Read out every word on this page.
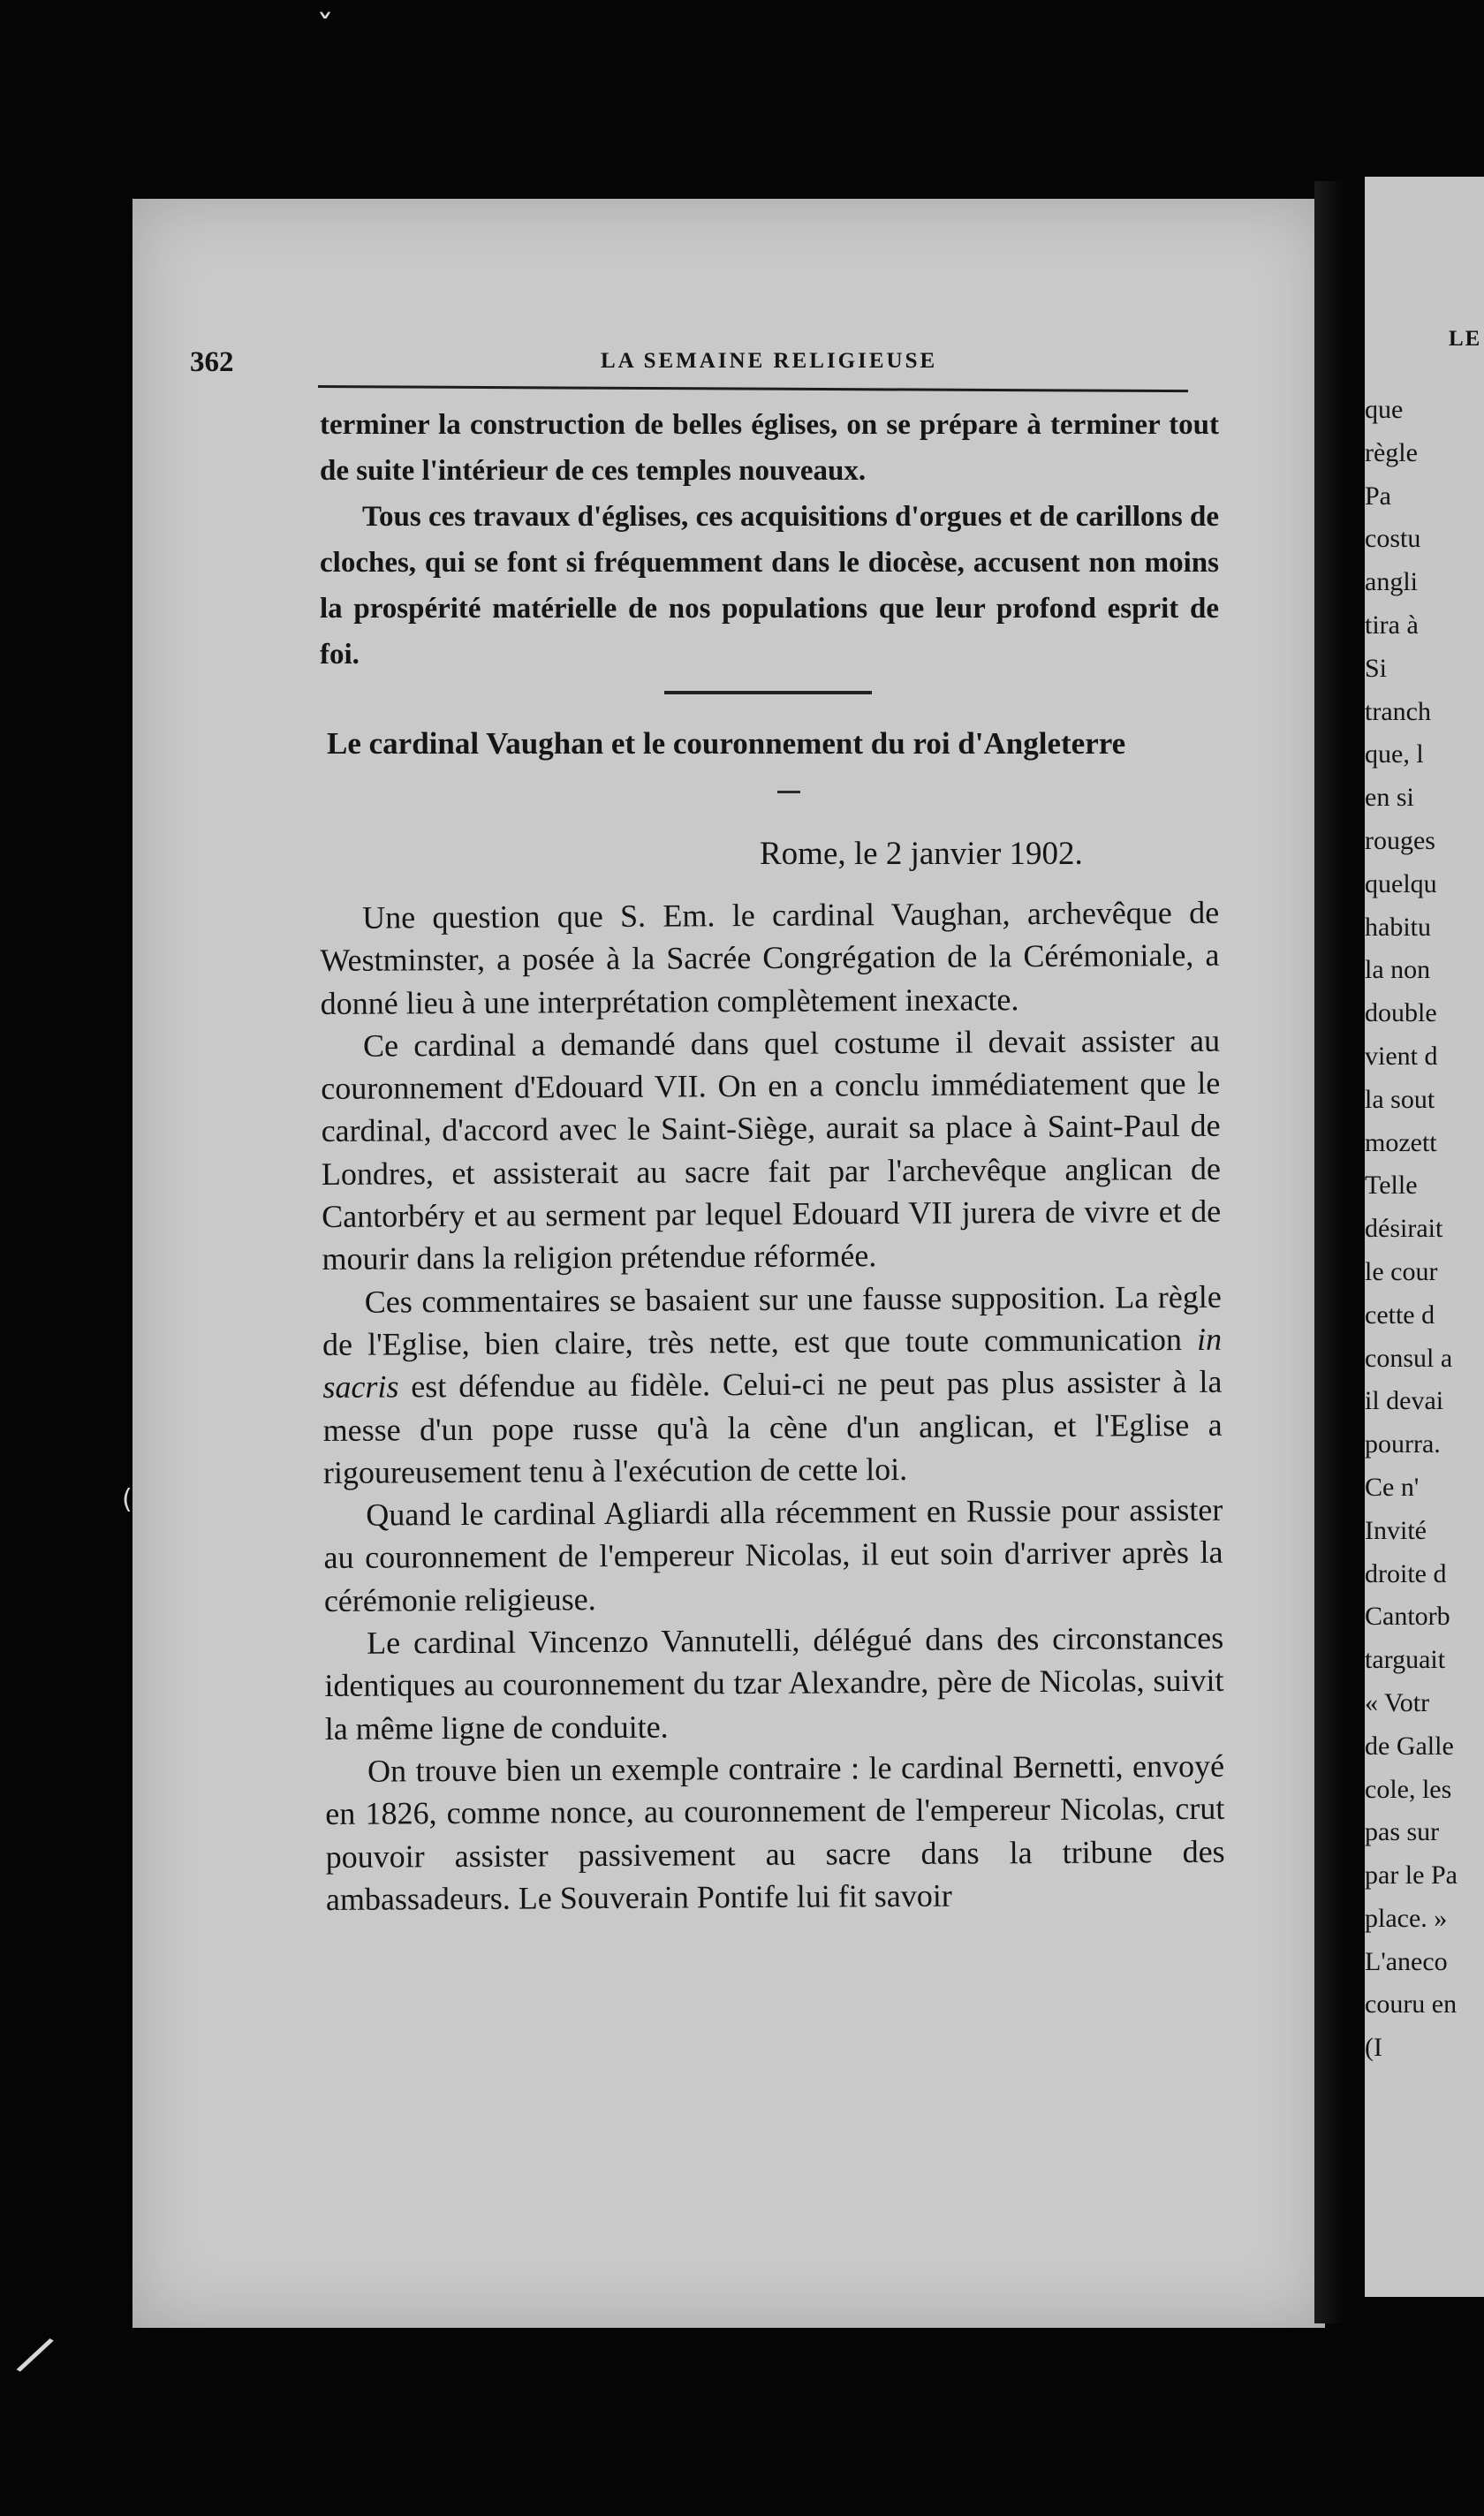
ˇ
(
/
LE
que
règle
Pa
costu
angli
tira à
Si
tranch
que, l
en si
rouges
quelqu
habitu
la non
double
vient d
la sout
mozett
Telle
désirait
le cour
cette d
consul a
il devai
pourra.
Ce n'
Invité
droite d
Cantorb
targuait
« Votr
de Galle
cole, les
pas sur
par le Pa
place. »
L'aneco
couru en
(I
362	LA SEMAINE RELIGIEUSE

terminer la construction de belles églises, on se prépare à terminer tout de suite l'intérieur de ces temples nouveaux.

Tous ces travaux d'églises, ces acquisitions d'orgues et de carillons de cloches, qui se font si fréquemment dans le diocèse, accusent non moins la prospérité matérielle de nos populations que leur profond esprit de foi.

Le cardinal Vaughan et le couronnement du roi d'Angleterre
Rome, le 2 janvier 1902.

Une question que S. Em. le cardinal Vaughan, archevêque de Westminster, a posée à la Sacrée Congrégation de la Cérémoniale, a donné lieu à une interprétation complètement inexacte.

Ce cardinal a demandé dans quel costume il devait assister au couronnement d'Edouard VII. On en a conclu immédiatement que le cardinal, d'accord avec le Saint-Siège, aurait sa place à Saint-Paul de Londres, et assisterait au sacre fait par l'archevêque anglican de Cantorbéry et au serment par lequel Edouard VII jurera de vivre et de mourir dans la religion prétendue réformée.

Ces commentaires se basaient sur une fausse supposition. La règle de l'Eglise, bien claire, très nette, est que toute communication in sacris est défendue au fidèle. Celui-ci ne peut pas plus assister à la messe d'un pope russe qu'à la cène d'un anglican, et l'Eglise a rigoureusement tenu à l'exécution de cette loi.

Quand le cardinal Agliardi alla récemment en Russie pour assister au couronnement de l'empereur Nicolas, il eut soin d'arriver après la cérémonie religieuse.

Le cardinal Vincenzo Vannutelli, délégué dans des circonstances identiques au couronnement du tzar Alexandre, père de Nicolas, suivit la même ligne de conduite.

On trouve bien un exemple contraire : le cardinal Bernetti, envoyé en 1826, comme nonce, au couronnement de l'empereur Nicolas, crut pouvoir assister passivement au sacre dans la tribune des ambassadeurs. Le Souverain Pontife lui fit savoir
